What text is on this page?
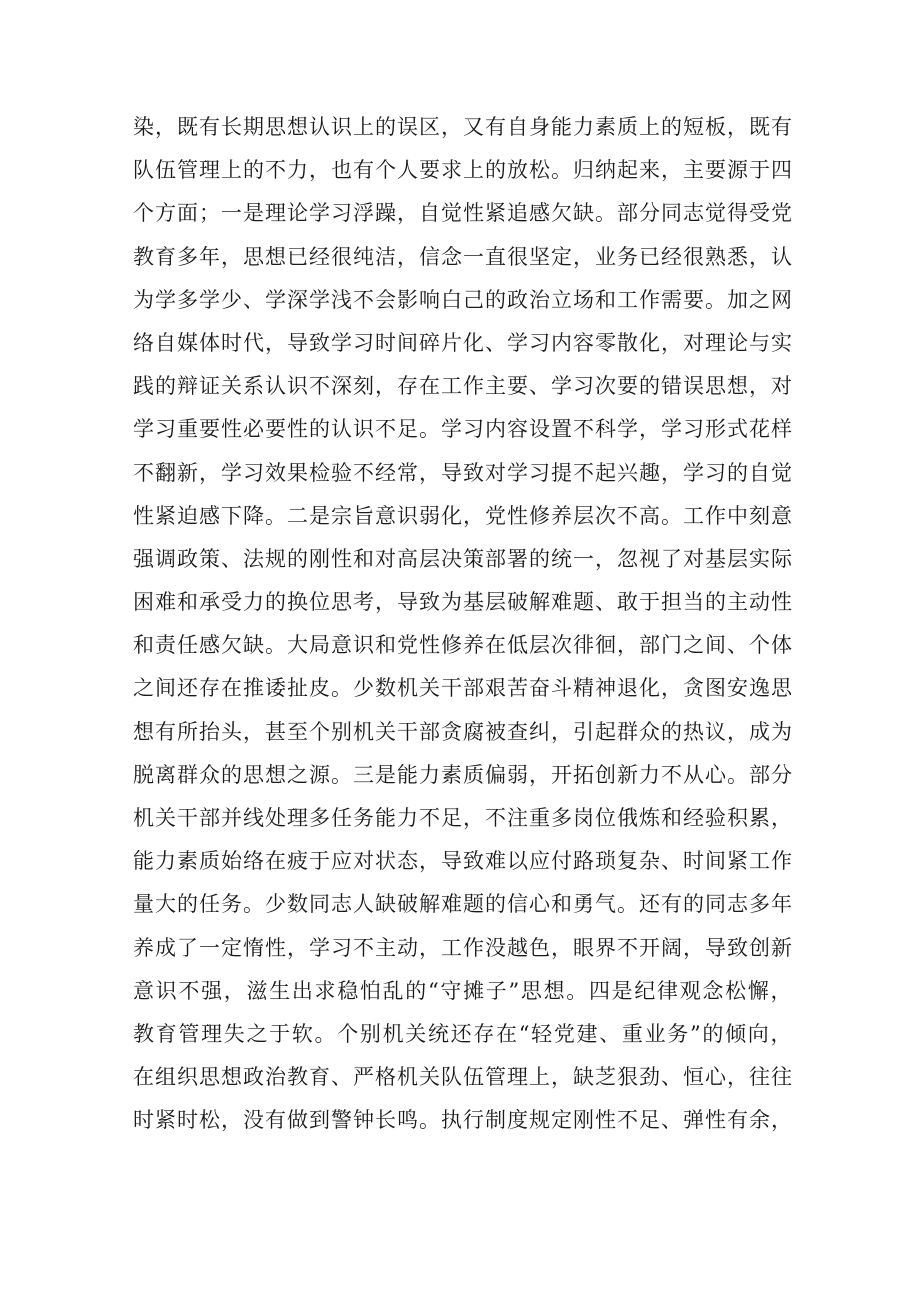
染，既有长期思想认识上的误区，又有自身能力素质上的短板，既有
队伍管理上的不力，也有个人要求上的放松。归纳起来，主要源于四
个方面；一是理论学习浮躁，自觉性紧追感欠缺。部分同志觉得受党
教育多年，思想已经很纯洁，信念一直很坚定，业务已经很熟悉，认
为学多学少、学深学浅不会影响白己的政治立场和工作需要。加之网
络自媒体时代，导致学习时间碎片化、学习内容零散化，对理论与实
践的辩证关系认识不深刻，存在工作主要、学习次要的错误思想，对
学习重要性必要性的认识不足。学习内容设置不科学，学习形式花样
不翻新，学习效果检验不经常，导致对学习提不起兴趣，学习的自觉
性紧迫感下降。二是宗旨意识弱化，党性修养层次不高。工作中刻意
强调政策、法规的刚性和对高层决策部署的统一，忽视了对基层实际
困难和承受力的换位思考，导致为基层破解难题、敢于担当的主动性
和责任感欠缺。大局意识和党性修养在低层次徘徊，部门之间、个体
之间还存在推诿扯皮。少数机关干部艰苦奋斗精神退化，贪图安逸思
想有所抬头，甚至个别机关干部贪腐被查纠，引起群众的热议，成为
脱离群众的思想之源。三是能力素质偏弱，开拓创新力不从心。部分
机关干部并线处理多任务能力不足，不注重多岗位俄炼和经验积累，
能力素质始络在疲于应对状态，导致难以应付路琐复杂、时间紧工作
量大的任务。少数同志人缺破解难题的信心和勇气。还有的同志多年
养成了一定惰性，学习不主动，工作没越色，眼界不开阔，导致创新
意识不强，滋生出求稳怕乱的“守摊子”思想。四是纪律观念松懈，
教育管理失之于软。个别机关统还存在“轻党建、重业务”的倾向，
在组织思想政治教育、严格机关队伍管理上，缺芝狠劲、恒心，往往
时紧时松，没有做到警钟长鸣。执行制度规定刚性不足、弹性有余，
